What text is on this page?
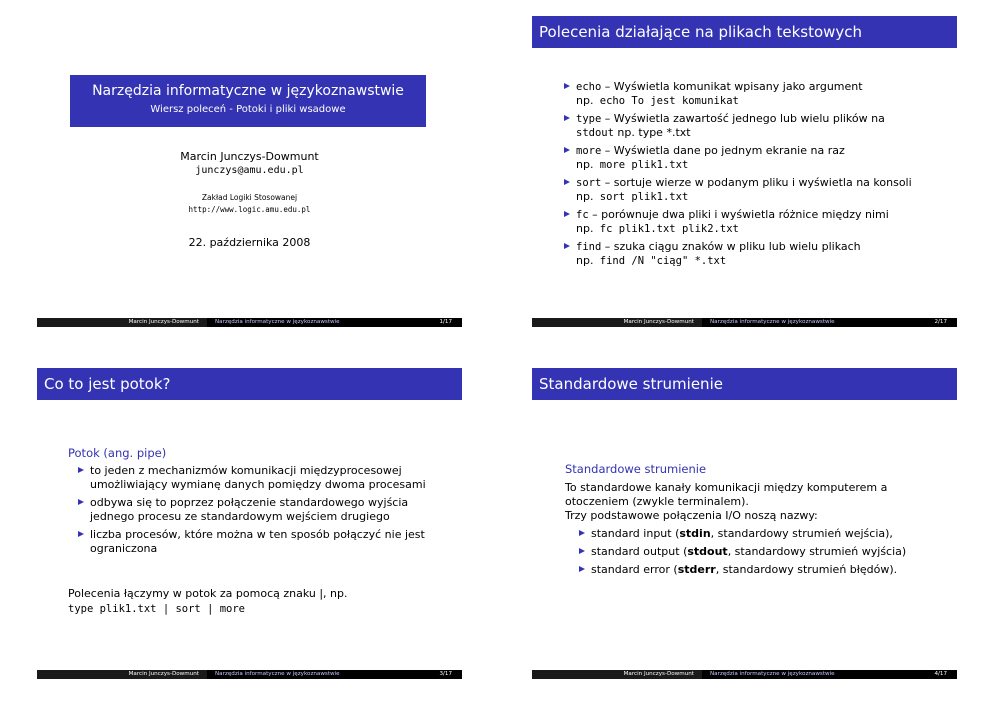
Narzędzia informatyczne w językoznawstwie
Wiersz poleceń - Potoki i pliki wsadowe
Marcin Junczys-Dowmunt
junczys@amu.edu.pl
Zakład Logiki Stosowanej
http://www.logic.amu.edu.pl
22. października 2008
Marcin Junczys-Dowmunt	Narzędzia informatyczne w językoznawstwie	1/17
Polecenia działające na plikach tekstowych
echo – Wyświetla komunikat wpisany jako argument
np. echo To jest komunikat
type – Wyświetla zawartość jednego lub wielu plików na
stdout np. type *.txt
more – Wyświetla dane po jednym ekranie na raz
np. more plik1.txt
sort – sortuje wierze w podanym pliku i wyświetla na konsoli
np. sort plik1.txt
fc – porównuje dwa pliki i wyświetla różnice między nimi
np. fc plik1.txt plik2.txt
find – szuka ciągu znaków w pliku lub wielu plikach
np. find /N "ciąg" *.txt
Marcin Junczys-Dowmunt	Narzędzia informatyczne w językoznawstwie	2/17
Co to jest potok?
Potok (ang. pipe)
to jeden z mechanizmów komunikacji międzyprocesowej
umożliwiający wymianę danych pomiędzy dwoma procesami
odbywa się to poprzez połączenie standardowego wyjścia
jednego procesu ze standardowym wejściem drugiego
liczba procesów, które można w ten sposób połączyć nie jest
ograniczona
Polecenia łączymy w potok za pomocą znaku |, np.
type plik1.txt | sort | more
Marcin Junczys-Dowmunt	Narzędzia informatyczne w językoznawstwie	3/17
Standardowe strumienie
Standardowe strumienie
To standardowe kanały komunikacji między komputerem a
otoczeniem (zwykle terminalem).
Trzy podstawowe połączenia I/O noszą nazwy:
standard input (stdin, standardowy strumień wejścia),
standard output (stdout, standardowy strumień wyjścia)
standard error (stderr, standardowy strumień błędów).
Marcin Junczys-Dowmunt	Narzędzia informatyczne w językoznawstwie	4/17
